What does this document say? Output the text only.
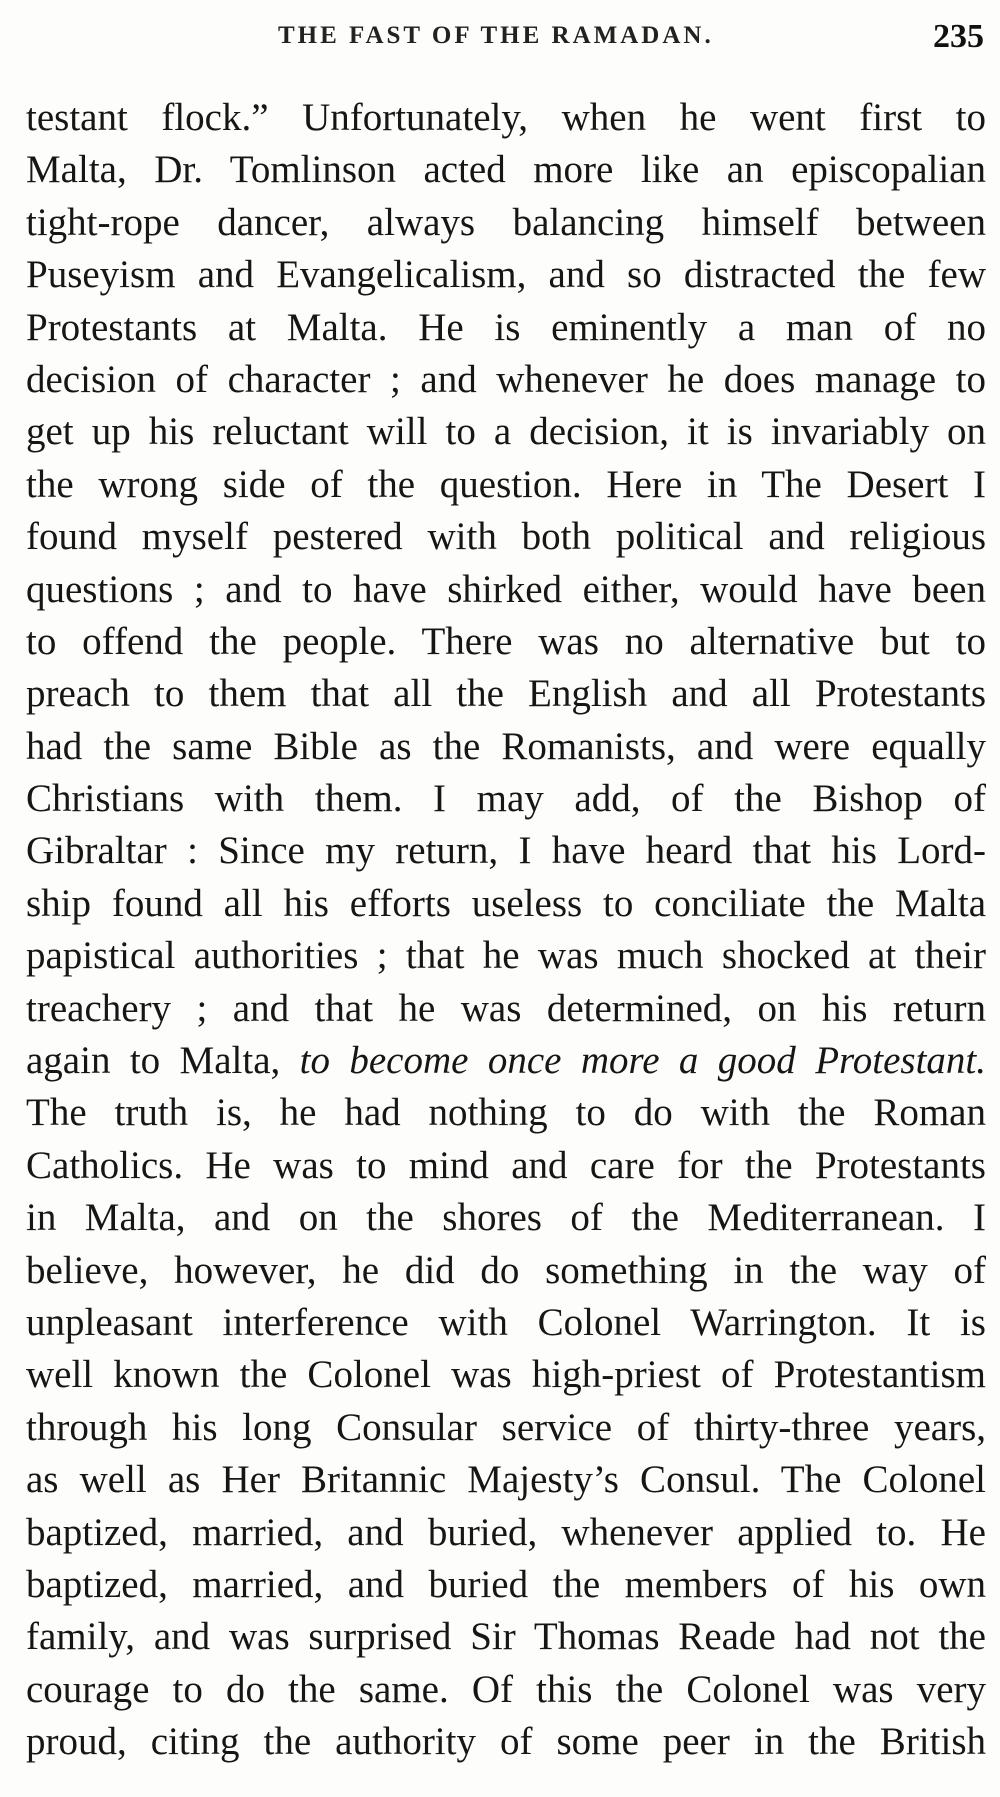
THE FAST OF THE RAMADAN.	235
testant flock.” Unfortunately, when he went first to
Malta, Dr. Tomlinson acted more like an episcopalian
tight-rope dancer, always balancing himself between
Puseyism and Evangelicalism, and so distracted the few
Protestants at Malta. He is eminently a man of no
decision of character ; and whenever he does manage to
get up his reluctant will to a decision, it is invariably on
the wrong side of the question. Here in The Desert I
found myself pestered with both political and religious
questions ; and to have shirked either, would have been
to offend the people. There was no alternative but to
preach to them that all the English and all Protestants
had the same Bible as the Romanists, and were equally
Christians with them. I may add, of the Bishop of
Gibraltar : Since my return, I have heard that his Lord-
ship found all his efforts useless to conciliate the Malta
papistical authorities ; that he was much shocked at their
treachery ; and that he was determined, on his return
again to Malta, to become once more a good Protestant.
The truth is, he had nothing to do with the Roman
Catholics. He was to mind and care for the Protestants
in Malta, and on the shores of the Mediterranean. I
believe, however, he did do something in the way of
unpleasant interference with Colonel Warrington. It is
well known the Colonel was high-priest of Protestantism
through his long Consular service of thirty-three years,
as well as Her Britannic Majesty’s Consul. The Colonel
baptized, married, and buried, whenever applied to. He
baptized, married, and buried the members of his own
family, and was surprised Sir Thomas Reade had not the
courage to do the same. Of this the Colonel was very
proud, citing the authority of some peer in the British
